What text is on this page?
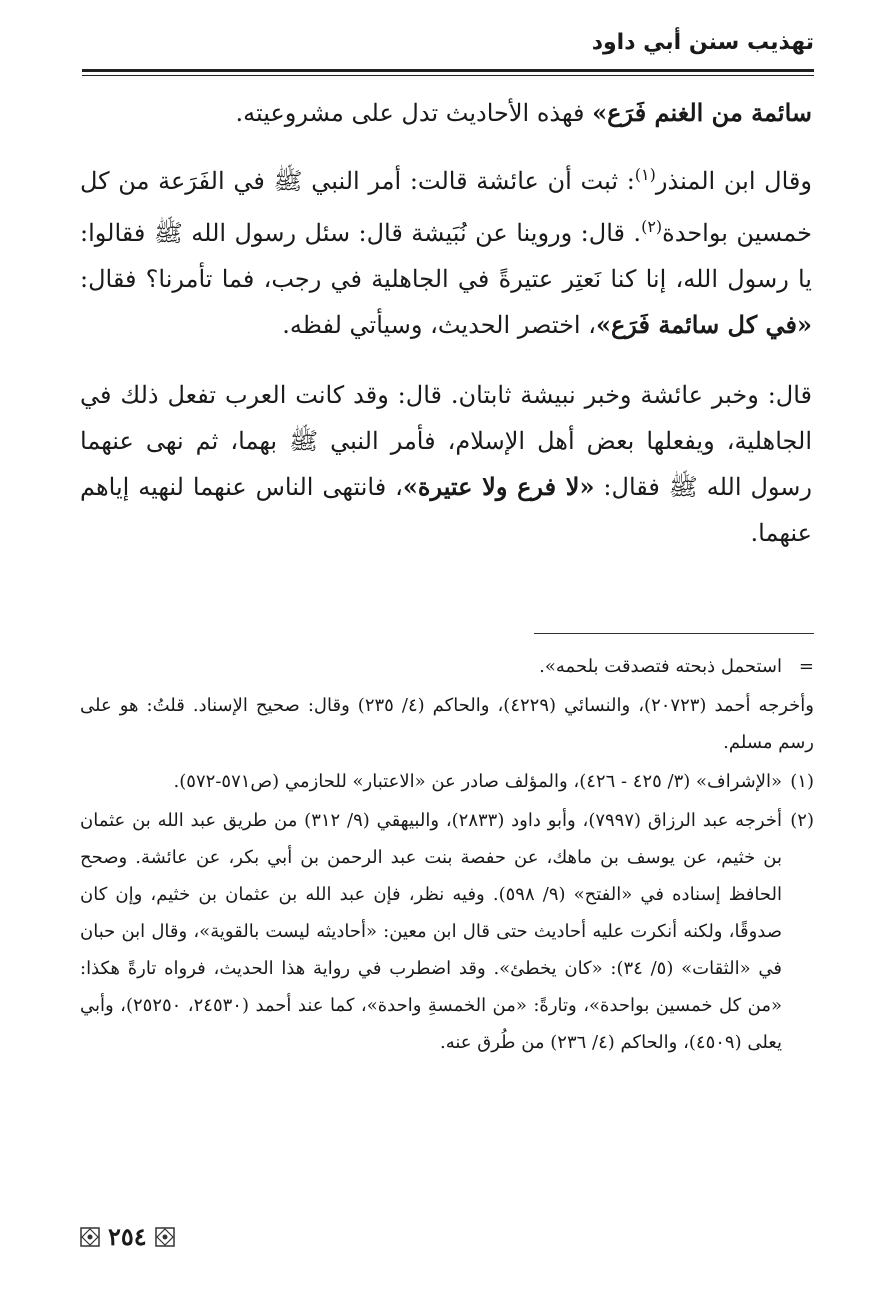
تهذيب سنن أبي داود

سائمة من الغنم فَرَع» فهذه الأحاديث تدل على مشروعيته.

وقال ابن المنذر$^{(١)}$: ثبت أن عائشة قالت: أمر النبي ﷺ في الفَرَعة من كل خمسين بواحدة$^{(٢)}$. قال: وروينا عن نُبَيشة قال: سئل رسول الله ﷺ فقالوا: يا رسول الله، إنا كنا نَعتِر عتيرةً في الجاهلية في رجب، فما تأمرنا؟ فقال: «في كل سائمة فَرَع»، اختصر الحديث، وسيأتي لفظه.

قال: وخبر عائشة وخبر نبيشة ثابتان. قال: وقد كانت العرب تفعل ذلك في الجاهلية، ويفعلها بعض أهل الإسلام، فأمر النبي ﷺ بهما، ثم نهى عنهما رسول الله ﷺ فقال: «لا فرع ولا عتيرة»، فانتهى الناس عنهما لنهيه إياهم عنهما.

=
استحمل ذبحته فتصدقت بلحمه».
وأخرجه أحمد (٢٠٧٢٣)، والنسائي (٤٢٢٩)، والحاكم (٤/ ٢٣٥) وقال: صحيح الإسناد. قلتُ: هو على رسم مسلم.
(١)
«الإشراف» (٣/ ٤٢٥ - ٤٢٦)، والمؤلف صادر عن «الاعتبار» للحازمي (ص٥٧١-٥٧٢).
(٢)
أخرجه عبد الرزاق (٧٩٩٧)، وأبو داود (٢٨٣٣)، والبيهقي (٩/ ٣١٢) من طريق عبد الله بن عثمان بن خثيم، عن يوسف بن ماهك، عن حفصة بنت عبد الرحمن بن أبي بكر، عن عائشة. وصحح الحافظ إسناده في «الفتح» (٩/ ٥٩٨). وفيه نظر، فإن عبد الله بن عثمان بن خثيم، وإن كان صدوقًا، ولكنه أنكرت عليه أحاديث حتى قال ابن معين: «أحاديثه ليست بالقوية»، وقال ابن حبان في «الثقات» (٥/ ٣٤): «كان يخطئ». وقد اضطرب في رواية هذا الحديث، فرواه تارةً هكذا: «من كل خمسين بواحدة»، وتارةً: «من الخمسةِ واحدة»، كما عند أحمد (٢٤٥٣٠، ٢٥٢٥٠)، وأبي يعلى (٤٥٠٩)، والحاكم (٤/ ٢٣٦) من طُرق عنه.
٢٥٤
